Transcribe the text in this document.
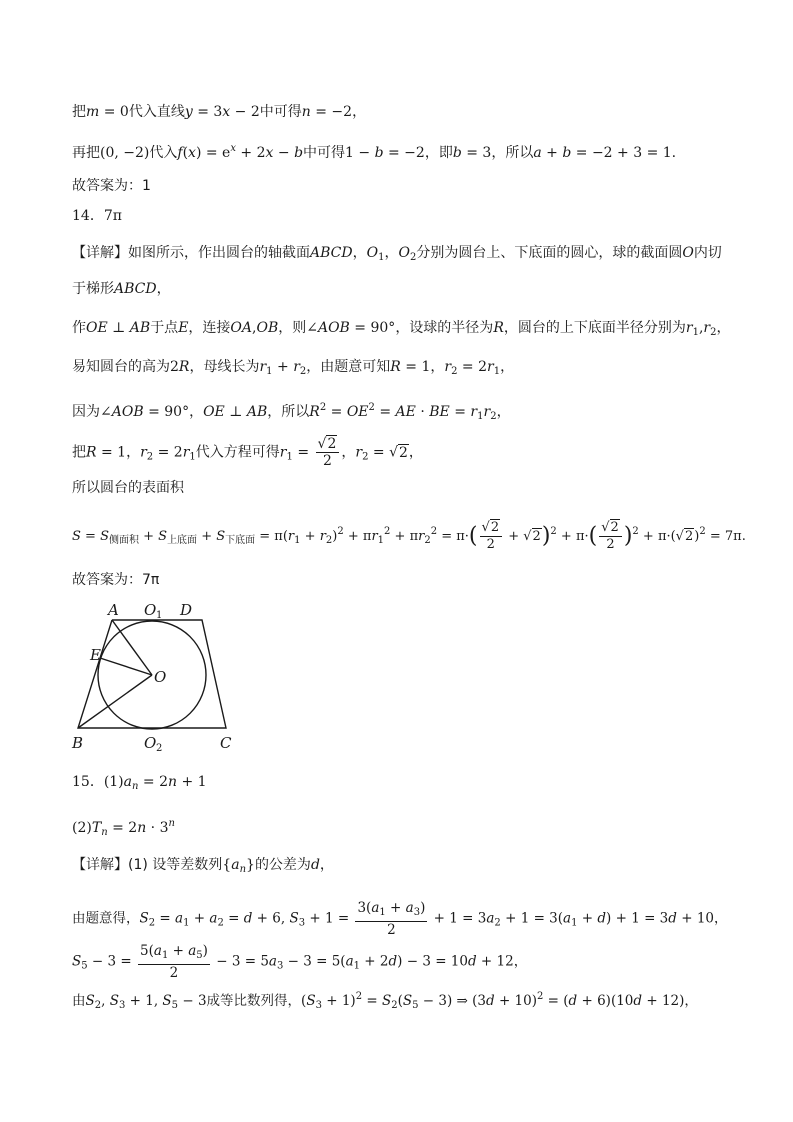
把m = 0代入直线y = 3x − 2中可得n = −2，
再把(0, −2)代入$f(x) = e^x + 2x - b$中可得1 − b = −2，即b = 3，所以a + b = −2 + 3 = 1.
故答案为：1
14．7π
【详解】如图所示，作出圆台的轴截面ABCD，$O_1$，$O_2$分别为圆台上、下底面的圆心，球的截面圆O内切
于梯形ABCD，
作OE ⊥ AB于点E，连接OA,OB，则∠AOB = 90°，设球的半径为R，圆台的上下底面半径分别为$r_1,r_2$，
易知圆台的高为2R，母线长为$r_1 + r_2$，由题意可知R = 1，$r_2 = 2r_1$，
因为∠AOB = 90°，OE ⊥ AB，所以$R^2 = OE^2$ = AE · BE = $r_1r_2$，
把R = 1，$r_2 = 2r_1$代入方程可得$r_1 = \frac{√2}{2}$ ，$r_2 = √2$，
所以圆台的表面积
$S = S_{侧面积} + S_{上底面} + S_{下底面} = \pi(r_1 + r_2)^2 + \pi r_1^2 + \pi r_2^2 = \pi\cdot( \frac{√2}{2} + √2)^2 + \pi\cdot( \frac{√2}{2} )^2 + \pi\cdot(√2)^2 = 7\pi$.
故答案为：7π
A O 1 D
E
O
B	O 2	C
15．$(1)a_n = 2n + 1$
$(2)T_n = 2n \cdot 3^n$
【详解】(1) 设等差数列$\{a_n\}$的公差为d，
由题意得，$S_2 = a_1 + a_2 = d + 6$, $S_3 + 1 = \frac{3(a_1 + a_3)}{2} + 1 = 3a_2 + 1 = 3(a_1 + d) + 1 = 3d + 10$，
$S_5 - 3 = \frac{5(a_1 + a_5)}{2} - 3 = 5a_3 - 3 = 5(a_1 + 2d) - 3 = 10d + 12$，
由$S_2$, $S_3 + 1$, $S_5 - 3$成等比数列得，$(S_3 + 1)^2 = S_2(S_5 - 3)$ ⇒ $(3d + 10)^2 = (d + 6)(10d + 12)$，
